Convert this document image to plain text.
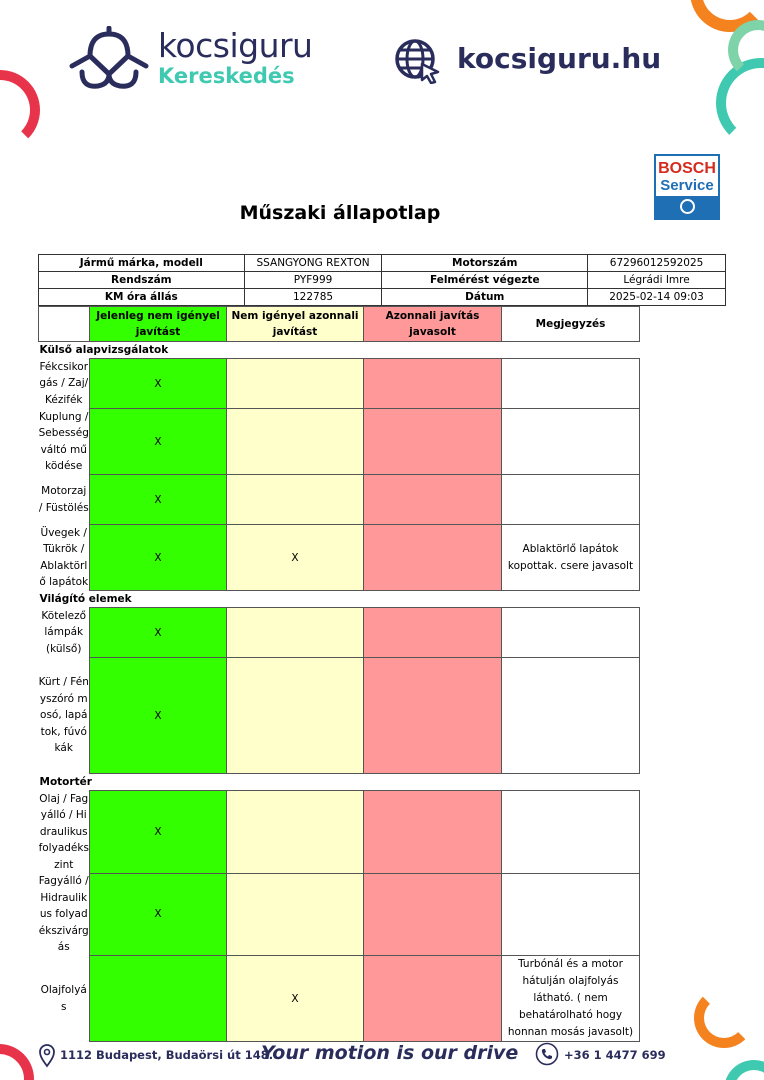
kocsiguru
Kereskedés
kocsiguru.hu
BOSCH
Service
Műszaki állapotlap
Jármű márka, modell	SSANGYONG REXTON	Motorszám	67296012592025
Rendszám	PYF999	Felmérést végezte	Légrádi Imre
KM óra állás	122785	Dátum	2025-02-14 09:03
	Jelenleg nem igényel javítást	Nem igényel azonnali javítást	Azonnali javítás javasolt	Megjegyzés
Külső alapvizsgálatok				
Fékcsikorgás / Zaj/ Kézifék	X			
Kuplung / Sebességváltó működése	X			
Motorzaj / Füstölés	X			
Üvegek / Tükrök / Ablaktörlő lapátok	X	X		Ablaktörlő lapátok kopottak. csere javasolt
Világító elemek				
Kötelező lámpák (külső)	X			
Kürt / Fényszóró mosó, lapátok, fúvókák	X			
Motortér				
Olaj / Fagyálló / Hidraulikus folyadékszint	X			
Fagyálló / Hidraulikus folyadékszivárgás	X			
Olajfolyás		X		Turbónál és a motor hátulján olajfolyás látható. ( nem behatárolható hogy honnan mosás javasolt)
1112 Budapest, Budaörsi út 148.
Your motion is our drive	+36 1 4477 699
